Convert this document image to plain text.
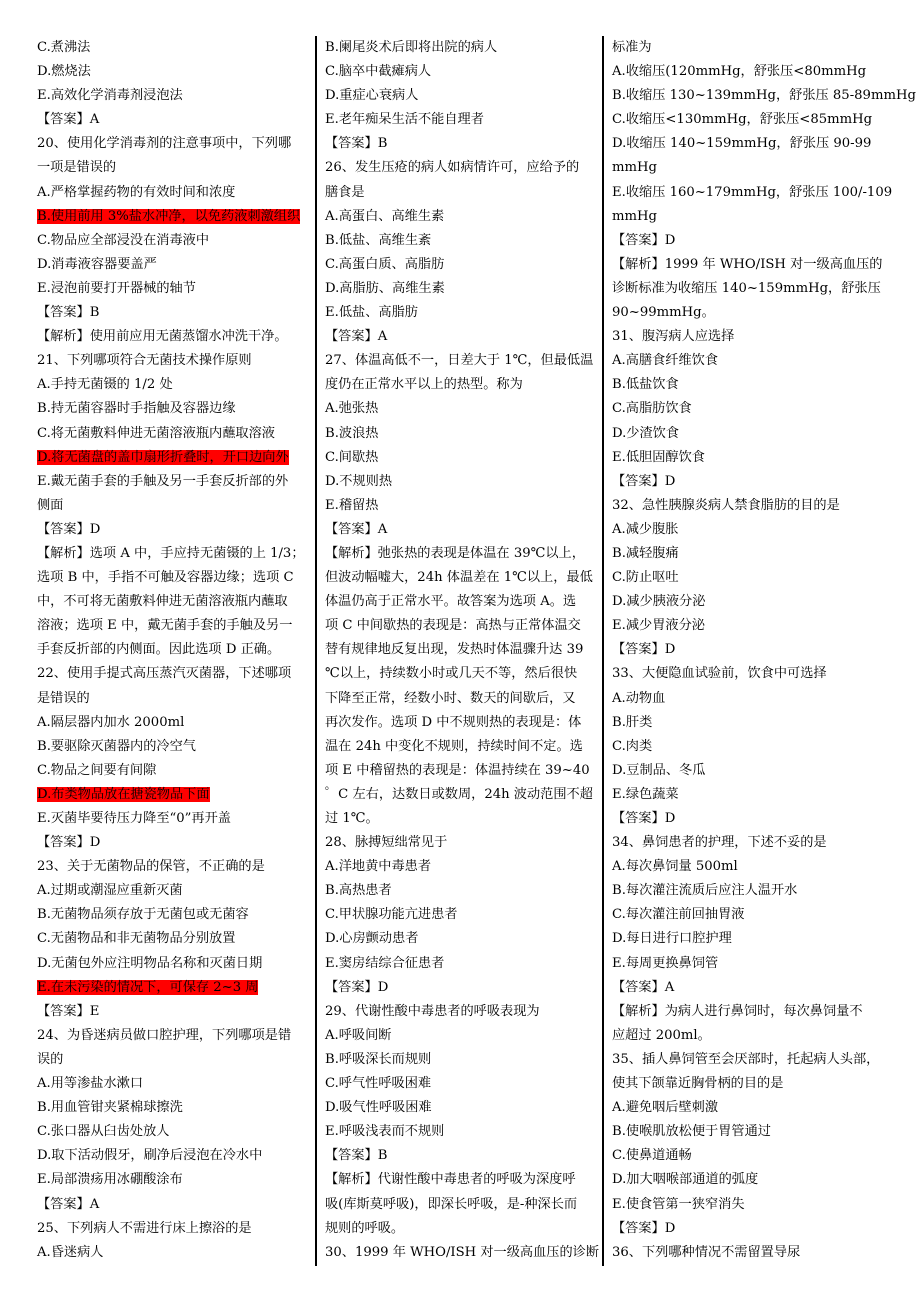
C.煮沸法
D.燃烧法
E.高效化学消毒剂浸泡法
【答案】A
20、使用化学消毒剂的注意事项中，下列哪
一项是错误的
A.严格掌握药物的有效时间和浓度
B.使用前用 3%盐水冲净，以免药液刺激组织
C.物品应全部浸没在消毒液中
D.消毒液容器要盖严
E.浸泡前要打开器械的轴节
【答案】B
【解析】使用前应用无菌蒸馏水冲洗干净。
21、下列哪项符合无菌技术操作原则
A.手持无菌镊的 1/2 处
B.持无菌容器时手指触及容器边缘
C.将无菌敷料伸进无菌溶液瓶内蘸取溶液
D.将无菌盘的盖巾扇形折叠时，开口边向外
E.戴无菌手套的手触及另一手套反折部的外
侧面
【答案】D
【解析】选项 A 中，手应持无菌镊的上 1/3；
选项 B 中，手指不可触及容器边缘；选项 C
中，不可将无菌敷料伸进无菌溶液瓶内蘸取
溶液；选项 E 中，戴无菌手套的手触及另一
手套反折部的内侧面。因此选项 D 正确。
22、使用手提式高压蒸汽灭菌器，下述哪项
是错误的
A.隔层器内加水 2000ml
B.要驱除灭菌器内的冷空气
C.物品之间要有间隙
D.布类物品放在搪瓷物品下面
E.灭菌毕要待压力降至“0”再开盖
【答案】D
23、关于无菌物品的保管，不正确的是
A.过期或潮湿应重新灭菌
B.无菌物品须存放于无菌包或无菌容
C.无菌物品和非无菌物品分别放置
D.无菌包外应注明物品名称和灭菌日期
E.在未污染的情况下，可保存 2~3 周
【答案】E
24、为昏迷病员做口腔护理，下列哪项是错
误的
A.用等渗盐水漱口
B.用血管钳夹紧棉球擦洗
C.张口器从臼齿处放人
D.取下活动假牙，刷净后浸泡在冷水中
E.局部溃疡用冰硼酸涂布
【答案】A
25、下列病人不需进行床上擦浴的是
A.昏迷病人
B.阑尾炎术后即将出院的病人
C.脑卒中截瘫病人
D.重症心衰病人
E.老年痴呆生活不能自理者
【答案】B
26、发生压疮的病人如病情许可，应给予的
膳食是
A.高蛋白、高维生素
B.低盐、高维生紊
C.高蛋白质、高脂肪
D.高脂肪、高维生素
E.低盐、高脂肪
【答案】A
27、体温高低不一，日差大于 1℃，但最低温
度仍在正常水平以上的热型。称为
A.弛张热
B.波浪热
C.间歇热
D.不规则热
E.稽留热
【答案】A
【解析】弛张热的表现是体温在 39℃以上，
但波动幅嘘大，24h 体温差在 1℃以上，最低
体温仍高于正常水平。故答案为选项 A。选
项 C 中间歇热的表现是：高热与正常体温交
替有规律地反复出现，发热时体温骤升达 39
℃以上，持续数小时或几天不等，然后很快
下降至正常，经数小时、数天的间歇后，又
再次发作。选项 D 中不规则热的表现是：体
温在 24h 中变化不规则，持续时间不定。选
项 E 中稽留热的表现是：体温持续在 39~40
゜C 左右，达数日或数周，24h 波动范围不超
过 1℃。
28、脉搏短绌常见于
A.洋地黄中毒患者
B.高热患者
C.甲状腺功能亢进患者
D.心房颤动患者
E.窦房结综合征患者
【答案】D
29、代谢性酸中毒患者的呼吸表现为
A.呼吸间断
B.呼吸深长而规则
C.呼气性呼吸困难
D.吸气性呼吸困难
E.呼吸浅表而不规则
【答案】B
【解析】代谢性酸中毒患者的呼吸为深度呼
吸(库斯莫呼吸)，即深长呼吸，是-种深长而
规则的呼吸。
30、1999 年 WHO/ISH 对一级高血压的诊断
标准为
A.收缩压(120mmHg，舒张压<80mmHg
B.收缩压 130~139mmHg，舒张压 85-89mmHg
C.收缩压<130mmHg，舒张压<85mmHg
D.收缩压 140~159mmHg，舒张压 90-99
mmHg
E.收缩压 160~179mmHg，舒张压 100/-109
mmHg
【答案】D
【解析】1999 年 WHO/ISH 对一级高血压的
诊断标准为收缩压 140~159mmHg，舒张压
90~99mmHg。
31、腹泻病人应选择
A.高膳食纤维饮食
B.低盐饮食
C.高脂肪饮食
D.少渣饮食
E.低胆固醇饮食
【答案】D
32、急性胰腺炎病人禁食脂肪的目的是
A.减少腹胀
B.减轻腹痛
C.防止呕吐
D.减少胰液分泌
E.减少胃液分泌
【答案】D
33、大便隐血试验前，饮食中可选择
A.动物血
B.肝类
C.肉类
D.豆制品、冬瓜
E.绿色蔬菜
【答案】D
34、鼻饲患者的护理，下述不妥的是
A.每次鼻饲量 500ml
B.每次灌注流质后应注人温开水
C.每次灌注前回抽胃液
D.每日进行口腔护理
E.每周更换鼻饲管
【答案】A
【解析】为病人进行鼻饲时，每次鼻饲量不
应超过 200ml。
35、插人鼻饲管至会厌部时，托起病人头部，
使其下颌靠近胸骨柄的目的是
A.避免咽后壁刺激
B.使喉肌放松便于胃管通过
C.使鼻道通畅
D.加大咽喉部通道的弧度
E.使食管第一狭窄消失
【答案】D
36、下列哪种情况不需留置导尿
